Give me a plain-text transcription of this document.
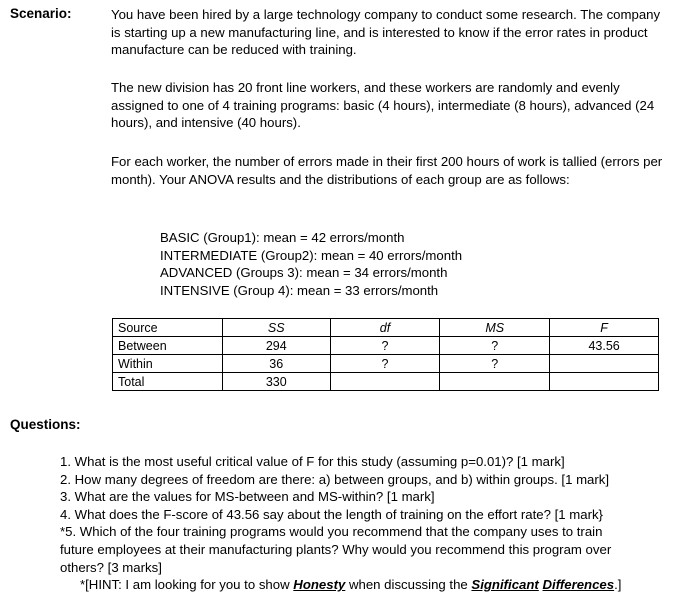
Scenario:	You have been hired by a large technology company to conduct some research. The company is starting up a new manufacturing line, and is interested to know if the error rates in product manufacture can be reduced with training.

The new division has 20 front line workers, and these workers are randomly and evenly assigned to one of 4 training programs: basic (4 hours), intermediate (8 hours), advanced (24 hours), and intensive (40 hours).

For each worker, the number of errors made in their first 200 hours of work is tallied (errors per month). Your ANOVA results and the distributions of each group are as follows:

BASIC (Group1): mean = 42 errors/month
INTERMEDIATE (Group2): mean = 40 errors/month
ADVANCED (Groups 3): mean = 34 errors/month
INTENSIVE (Group 4): mean = 33 errors/month
Source	SS	df	MS	F
Between	294	?	?	43.56
Within	36	?	?	
Total	330			
Questions:
1. What is the most useful critical value of F for this study (assuming p=0.01)? [1 mark]
2. How many degrees of freedom are there: a) between groups, and b) within groups. [1 mark]
3. What are the values for MS-between and MS-within? [1 mark]
4. What does the F-score of 43.56 say about the length of training on the effort rate? [1 mark}
*5. Which of the four training programs would you recommend that the company uses to train
future employees at their manufacturing plants? Why would you recommend this program over
others? [3 marks]
*[HINT: I am looking for you to show Honesty when discussing the Significant Differences.]
